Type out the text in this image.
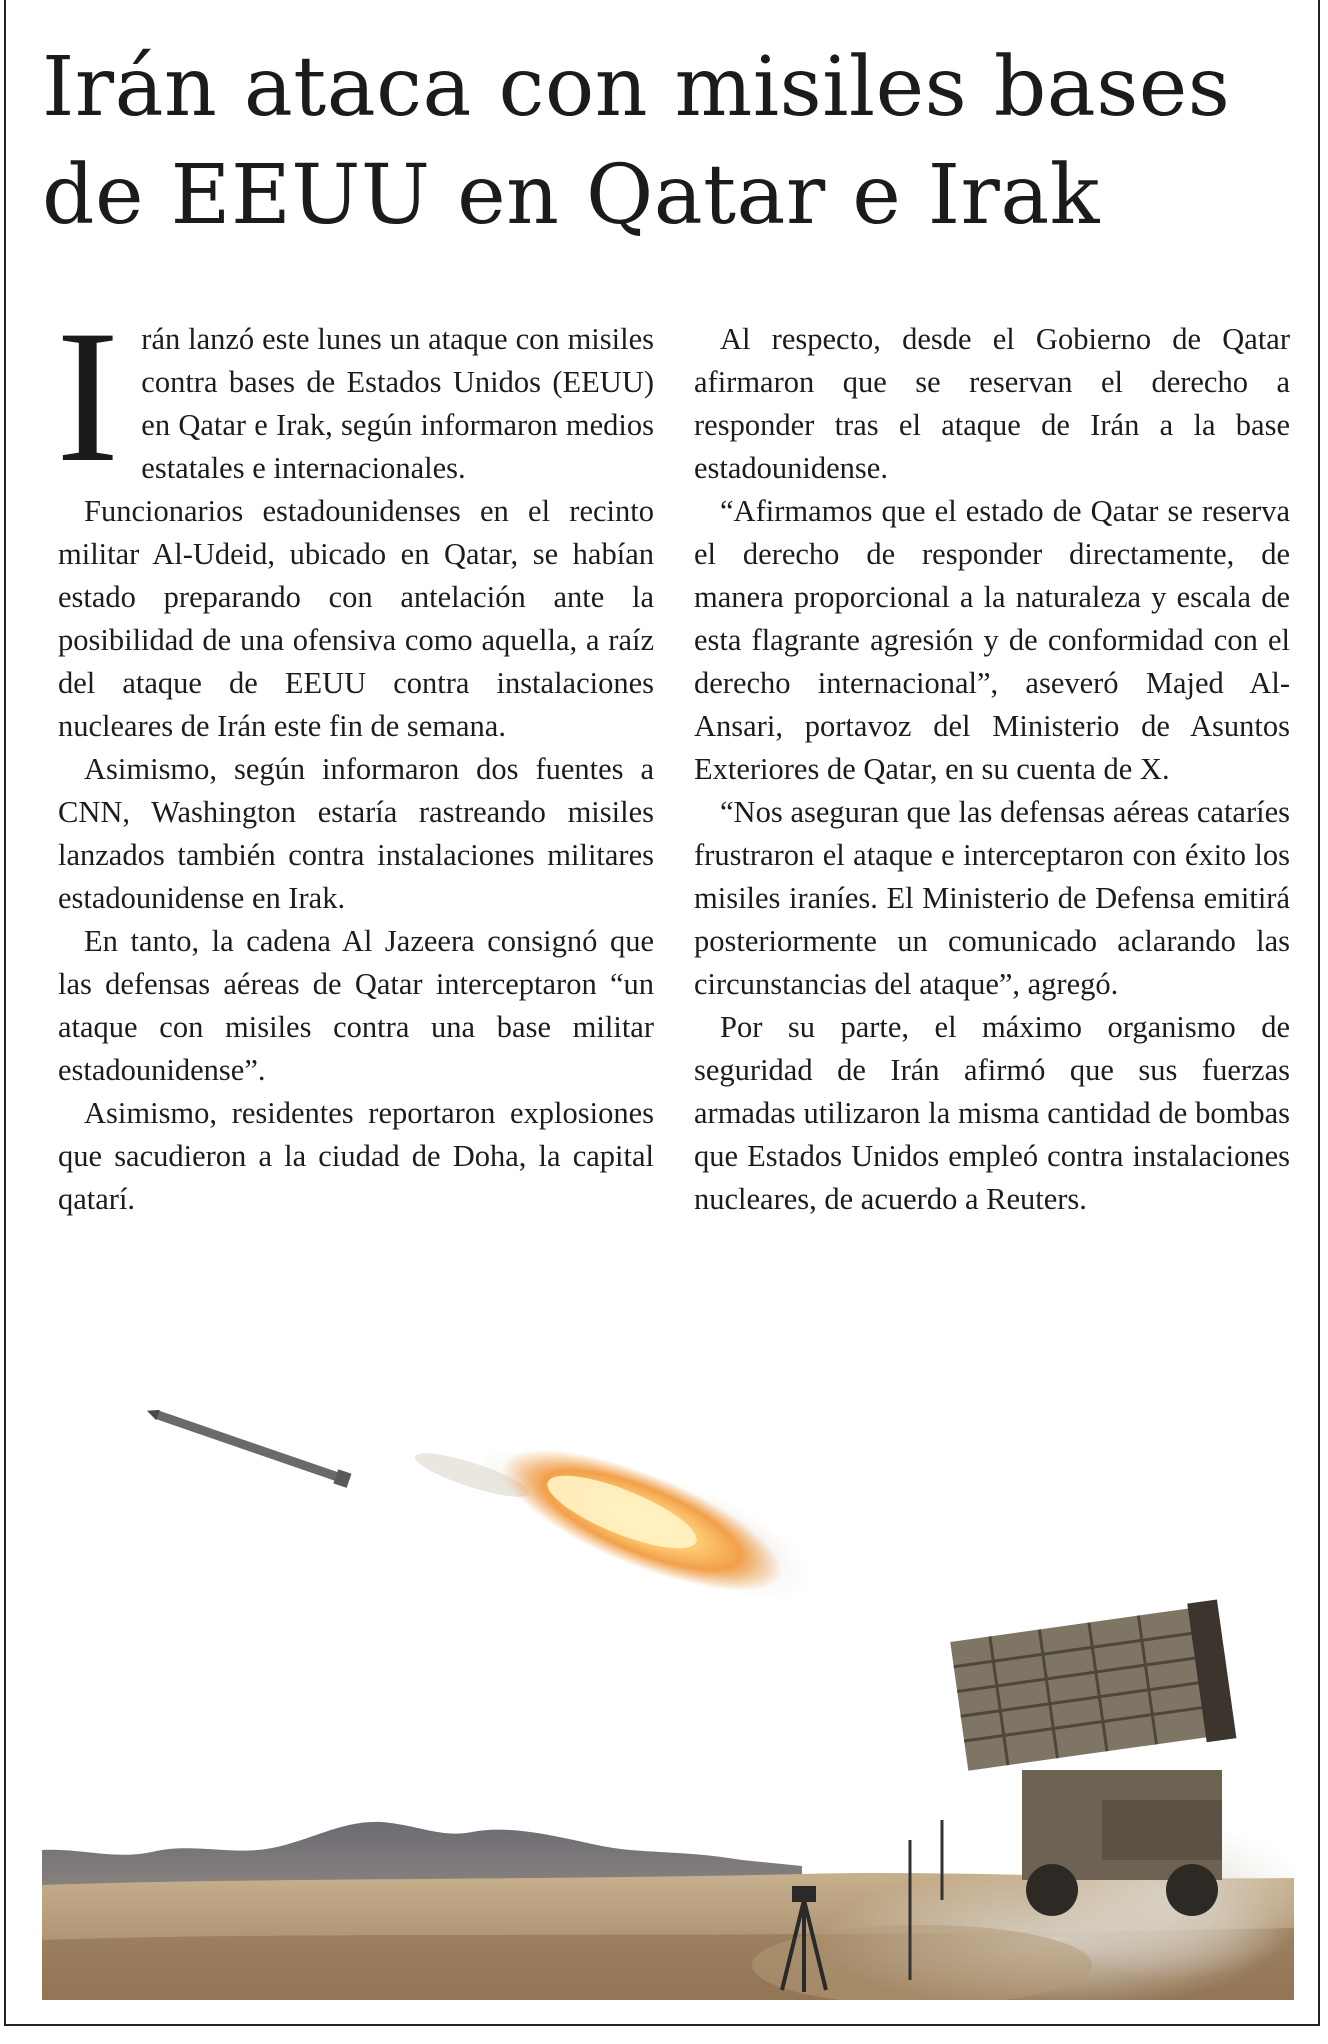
Irán ataca con misiles bases de EEUU en Qatar e Irak

Irán lanzó este lunes un ataque con misiles contra bases de Estados Unidos (EEUU) en Qatar e Irak, según informaron medios estatales e internacionales.

Funcionarios estadounidenses en el recinto militar Al-Udeid, ubicado en Qatar, se habían estado preparando con antelación ante la posibilidad de una ofensiva como aquella, a raíz del ataque de EEUU contra instalaciones nucleares de Irán este fin de semana.

Asimismo, según informaron dos fuentes a CNN, Washington estaría rastreando misiles lanzados también contra instalaciones militares estadounidense en Irak.

En tanto, la cadena Al Jazeera consignó que las defensas aéreas de Qatar interceptaron “un ataque con misiles contra una base militar estadounidense”.

Asimismo, residentes reportaron explosiones que sacudieron a la ciudad de Doha, la capital qatarí.

Al respecto, desde el Gobierno de Qatar afirmaron que se reservan el derecho a responder tras el ataque de Irán a la base estadounidense.

“Afirmamos que el estado de Qatar se reserva el derecho de responder directamente, de manera proporcional a la naturaleza y escala de esta flagrante agresión y de conformidad con el derecho internacional”, aseveró Majed Al-Ansari, portavoz del Ministerio de Asuntos Exteriores de Qatar, en su cuenta de X.

“Nos aseguran que las defensas aéreas cataríes frustraron el ataque e interceptaron con éxito los misiles iraníes. El Ministerio de Defensa emitirá posteriormente un comunicado aclarando las circunstancias del ataque”, agregó.

Por su parte, el máximo organismo de seguridad de Irán afirmó que sus fuerzas armadas utilizaron la misma cantidad de bombas que Estados Unidos empleó contra instalaciones nucleares, de acuerdo a Reuters.
